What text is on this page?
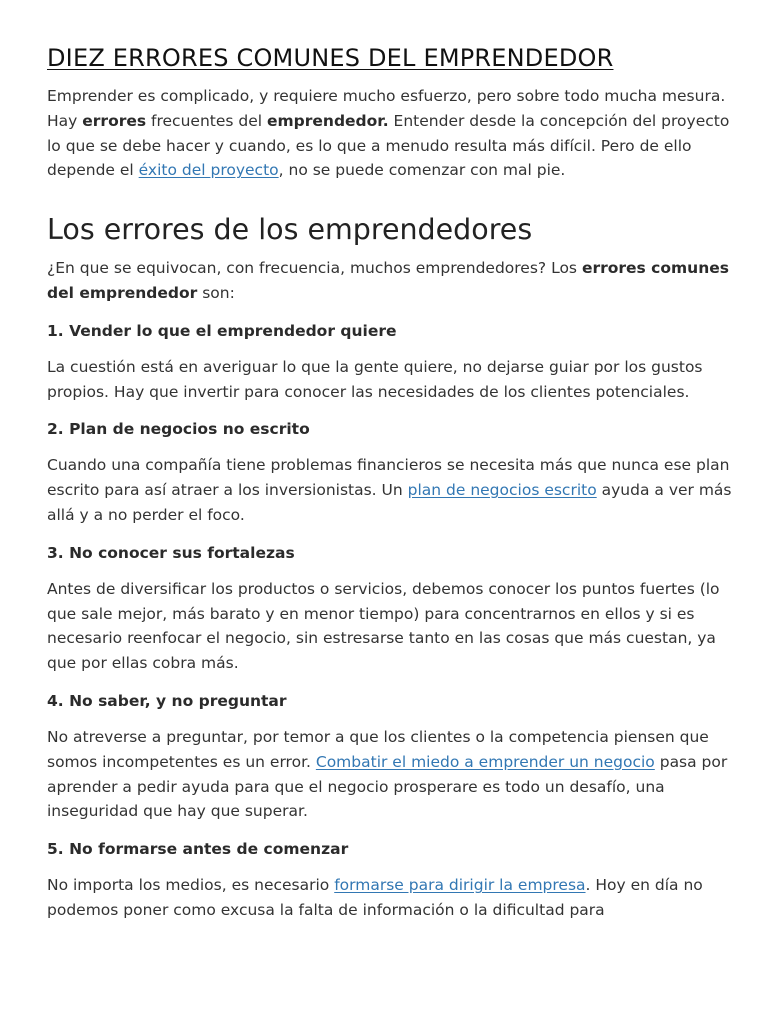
DIEZ ERRORES COMUNES DEL EMPRENDEDOR

Emprender es complicado, y requiere mucho esfuerzo, pero sobre todo mucha mesura. Hay errores frecuentes del emprendedor. Entender desde la concepción del proyecto lo que se debe hacer y cuando, es lo que a menudo resulta más difícil. Pero de ello depende el éxito del proyecto, no se puede comenzar con mal pie.

Los errores de los emprendedores

¿En que se equivocan, con frecuencia, muchos emprendedores? Los errores comunes del emprendedor son:

1. Vender lo que el emprendedor quiere

La cuestión está en averiguar lo que la gente quiere, no dejarse guiar por los gustos propios. Hay que invertir para conocer las necesidades de los clientes potenciales.

2. Plan de negocios no escrito

Cuando una compañía tiene problemas financieros se necesita más que nunca ese plan escrito para así atraer a los inversionistas. Un plan de negocios escrito ayuda a ver más allá y a no perder el foco.

3. No conocer sus fortalezas

Antes de diversificar los productos o servicios, debemos conocer los puntos fuertes (lo que sale mejor, más barato y en menor tiempo) para concentrarnos en ellos y si es necesario reenfocar el negocio, sin estresarse tanto en las cosas que más cuestan, ya que por ellas cobra más.

4. No saber, y no preguntar

No atreverse a preguntar, por temor a que los clientes o la competencia piensen que somos incompetentes es un error. Combatir el miedo a emprender un negocio pasa por aprender a pedir ayuda para que el negocio prosperare es todo un desafío, una inseguridad que hay que superar.

5. No formarse antes de comenzar

No importa los medios, es necesario formarse para dirigir la empresa. Hoy en día no podemos poner como excusa la falta de información o la dificultad para
